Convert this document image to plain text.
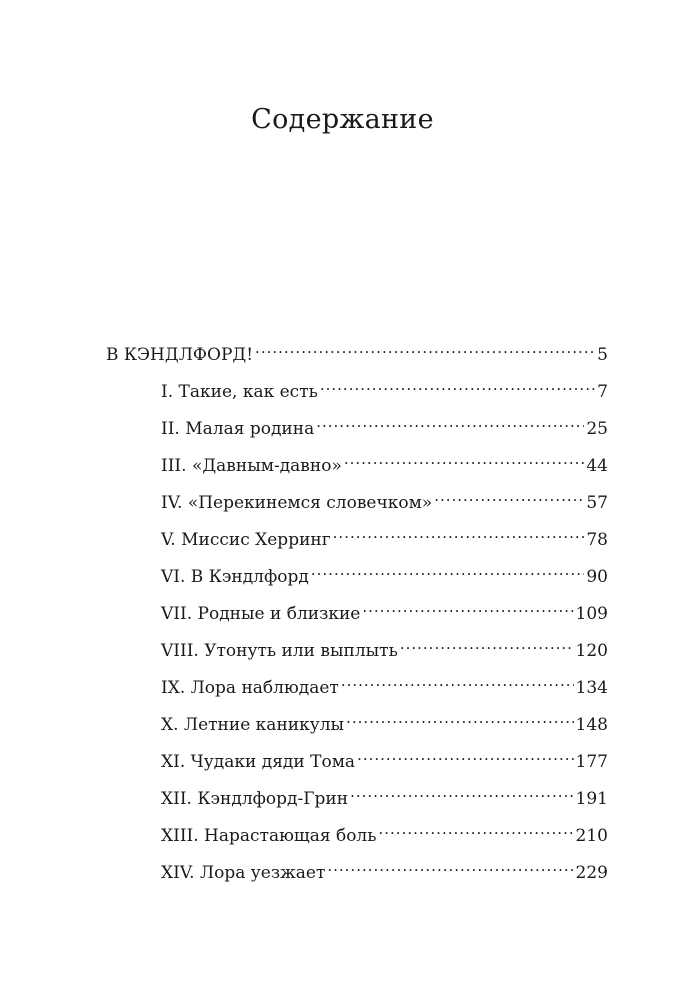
Содержание
В КЭНДЛФОРД! .....	5
I. Такие, как есть .....	7
II. Малая родина .....	25
III. «Давным-давно» .....	44
IV. «Перекинемся словечком» .....	57
V. Миссис Херринг .....	78
VI. В Кэндлфорд .....	90
VII. Родные и близкие .....	109
VIII. Утонуть или выплыть .....	120
IX. Лора наблюдает .....	134
X. Летние каникулы .....	148
XI. Чудаки дяди Тома .....	177
XII. Кэндлфорд-Грин .....	191
XIII. Нарастающая боль .....	210
XIV. Лора уезжает .....	229
